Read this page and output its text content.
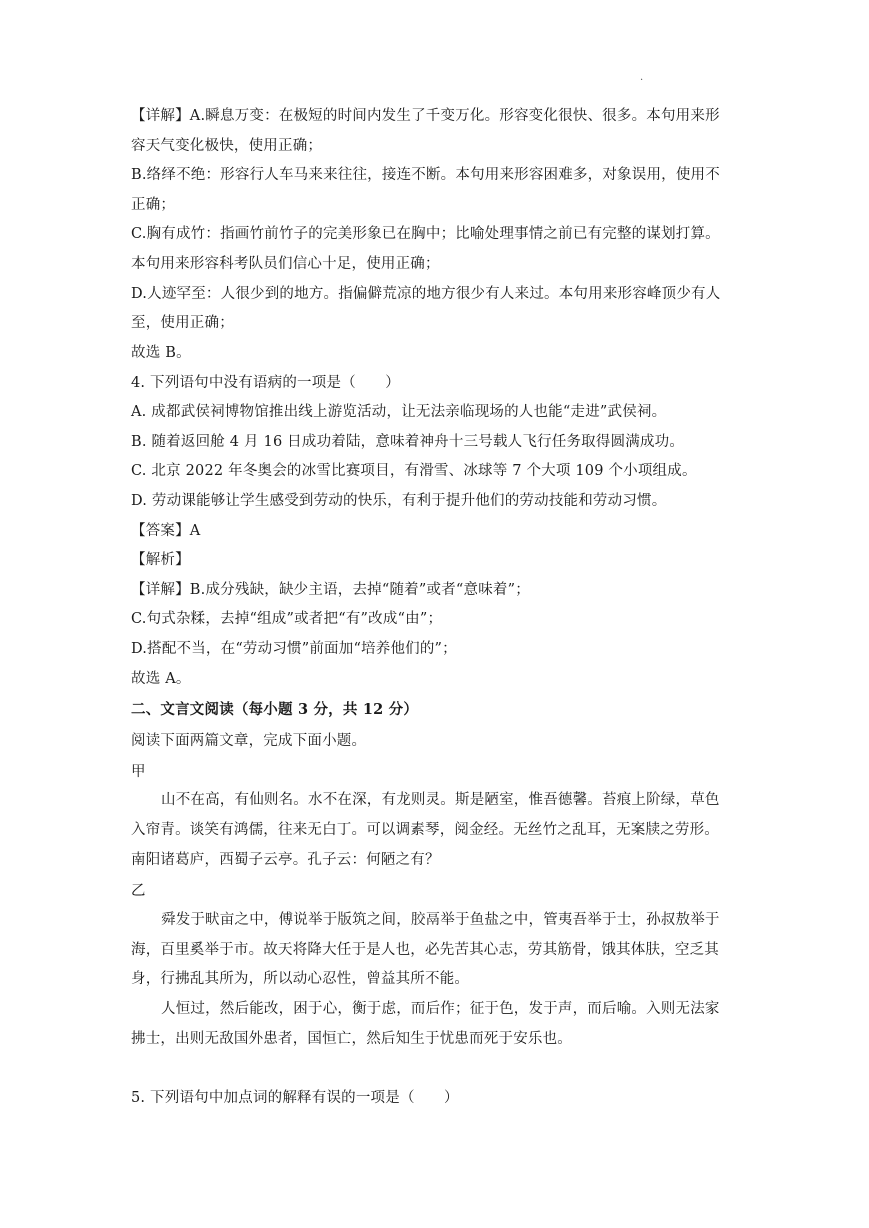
.
【详解】A.瞬息万变：在极短的时间内发生了千变万化。形容变化很快、很多。本句用来形
容天气变化极快，使用正确；
B.络绎不绝：形容行人车马来来往往，接连不断。本句用来形容困难多，对象误用，使用不
正确；
C.胸有成竹：指画竹前竹子的完美形象已在胸中；比喻处理事情之前已有完整的谋划打算。
本句用来形容科考队员们信心十足，使用正确；
D.人迹罕至：人很少到的地方。指偏僻荒凉的地方很少有人来过。本句用来形容峰顶少有人
至，使用正确；
故选 B。
4. 下列语句中没有语病的一项是（　　）
A. 成都武侯祠博物馆推出线上游览活动，让无法亲临现场的人也能“走进”武侯祠。
B. 随着返回舱 4 月 16 日成功着陆，意味着神舟十三号载人飞行任务取得圆满成功。
C. 北京 2022 年冬奥会的冰雪比赛项目，有滑雪、冰球等 7 个大项 109 个小项组成。
D. 劳动课能够让学生感受到劳动的快乐，有利于提升他们的劳动技能和劳动习惯。
【答案】A
【解析】
【详解】B.成分残缺，缺少主语，去掉“随着”或者“意味着”；
C.句式杂糅，去掉“组成”或者把“有”改成“由”；
D.搭配不当，在“劳动习惯”前面加“培养他们的”；
故选 A。
二、文言文阅读（每小题 3 分，共 12 分）
阅读下面两篇文章，完成下面小题。
甲
山不在高，有仙则名。水不在深，有龙则灵。斯是陋室，惟吾德馨。苔痕上阶绿，草色
入帘青。谈笑有鸿儒，往来无白丁。可以调素琴，阅金经。无丝竹之乱耳，无案牍之劳形。
南阳诸葛庐，西蜀子云亭。孔子云：何陋之有？
乙
舜发于畎亩之中，傅说举于版筑之间，胶鬲举于鱼盐之中，管夷吾举于士，孙叔敖举于
海，百里奚举于市。故天将降大任于是人也，必先苦其心志，劳其筋骨，饿其体肤，空乏其
身，行拂乱其所为，所以动心忍性，曾益其所不能。
人恒过，然后能改，困于心，衡于虑，而后作；征于色，发于声，而后喻。入则无法家
拂士，出则无敌国外患者，国恒亡，然后知生于忧患而死于安乐也。
5. 下列语句中加点词的解释有误的一项是（　　）
